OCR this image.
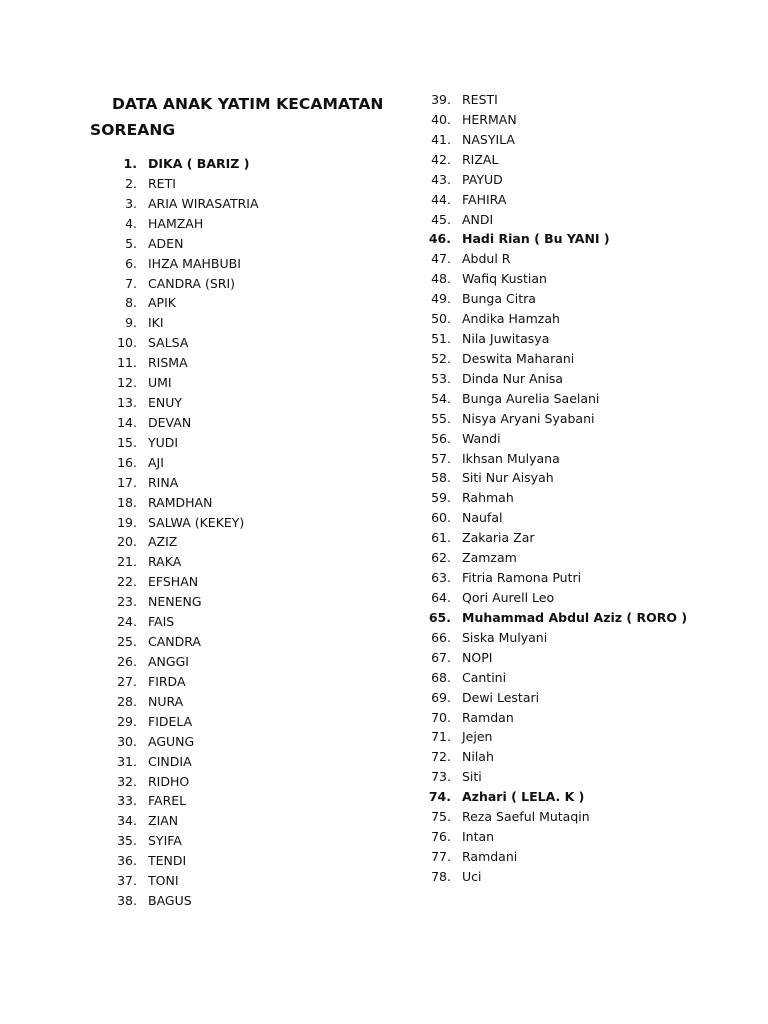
DATA ANAK YATIM KECAMATAN
SOREANG
1. DIKA ( BARIZ )
2. RETI
3. ARIA WIRASATRIA
4. HAMZAH
5. ADEN
6. IHZA MAHBUBI
7. CANDRA (SRI)
8. APIK
9. IKI
10. SALSA
11. RISMA
12. UMI
13. ENUY
14. DEVAN
15. YUDI
16. AJI
17. RINA
18. RAMDHAN
19. SALWA (KEKEY)
20. AZIZ
21. RAKA
22. EFSHAN
23. NENENG
24. FAIS
25. CANDRA
26. ANGGI
27. FIRDA
28. NURA
29. FIDELA
30. AGUNG
31. CINDIA
32. RIDHO
33. FAREL
34. ZIAN
35. SYIFA
36. TENDI
37. TONI
38. BAGUS
39. RESTI
40. HERMAN
41. NASYILA
42. RIZAL
43. PAYUD
44. FAHIRA
45. ANDI
46. Hadi Rian ( Bu YANI )
47. Abdul R
48. Wafiq Kustian
49. Bunga Citra
50. Andika Hamzah
51. Nila Juwitasya
52. Deswita Maharani
53. Dinda Nur Anisa
54. Bunga Aurelia Saelani
55. Nisya Aryani Syabani
56. Wandi
57. Ikhsan Mulyana
58. Siti Nur Aisyah
59. Rahmah
60. Naufal
61. Zakaria Zar
62. Zamzam
63. Fitria Ramona Putri
64. Qori Aurell Leo
65. Muhammad Abdul Aziz ( RORO )
66. Siska Mulyani
67. NOPI
68. Cantini
69. Dewi Lestari
70. Ramdan
71. Jejen
72. Nilah
73. Siti
74. Azhari ( LELA. K )
75. Reza Saeful Mutaqin
76. Intan
77. Ramdani
78. Uci
